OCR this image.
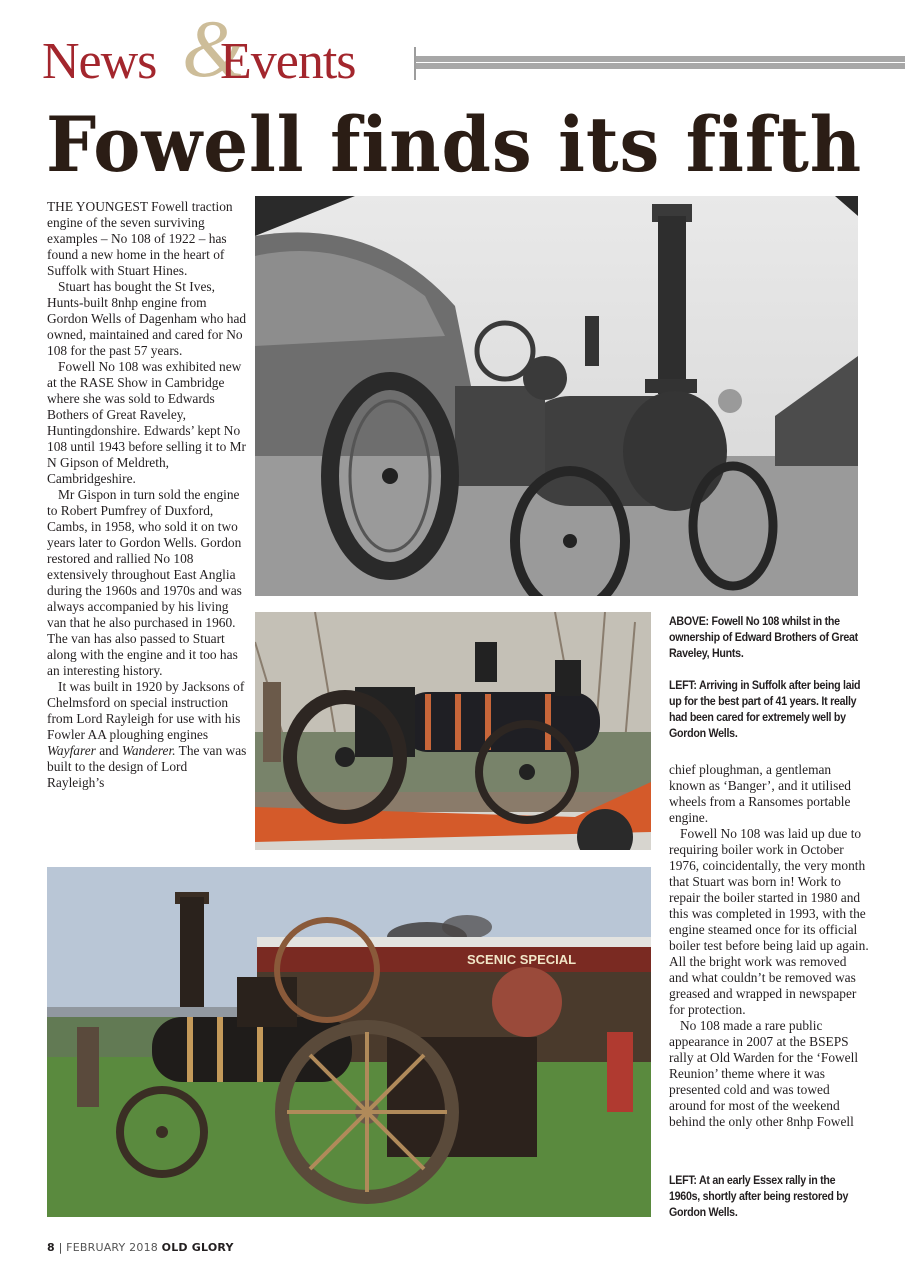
News &
Events
Fowell finds its fifth

THE YOUNGEST Fowell traction engine of the seven surviving examples – No 108 of 1922 – has found a new home in the heart of Suffolk with Stuart Hines.

Stuart has bought the St Ives, Hunts-built 8nhp engine from Gordon Wells of Dagenham who had owned, maintained and cared for No 108 for the past 57 years.

Fowell No 108 was exhibited new at the RASE Show in Cambridge where she was sold to Edwards Bothers of Great Raveley, Huntingdonshire. Edwards’ kept No 108 until 1943 before selling it to Mr N Gipson of Meldreth, Cambridgeshire.

Mr Gispon in turn sold the engine to Robert Pumfrey of Duxford, Cambs, in 1958, who sold it on two years later to Gordon Wells. Gordon restored and rallied No 108 extensively throughout East Anglia during the 1960s and 1970s and was always accompanied by his living van that he also purchased in 1960. The van has also passed to Stuart along with the engine and it too has an interesting history.

It was built in 1920 by Jacksons of Chelmsford on special instruction from Lord Rayleigh for use with his Fowler AA ploughing engines Wayfarer and Wanderer. The van was built to the design of Lord Rayleigh’s

ABOVE: Fowell No 108 whilst in the ownership of Edward Brothers of Great Raveley, Hunts.
LEFT: Arriving in Suffolk after being laid up for the best part of 41 years. It really had been cared for extremely well by Gordon Wells.

chief ploughman, a gentleman known as ‘Banger’, and it utilised wheels from a Ransomes portable engine.

Fowell No 108 was laid up due to requiring boiler work in October 1976, coincidentally, the very month that Stuart was born in! Work to repair the boiler started in 1980 and this was completed in 1993, with the engine steamed once for its official boiler test before being laid up again. All the bright work was removed and what couldn’t be removed was greased and wrapped in newspaper for protection.

No 108 made a rare public appearance in 2007 at the BSEPS rally at Old Warden for the ‘Fowell Reunion’ theme where it was presented cold and was towed around for most of the weekend behind the only other 8nhp Fowell

SCENIC SPECIAL
LEFT: At an early Essex rally in the 1960s, shortly after being restored by Gordon Wells.
8 | FEBRUARY 2018 OLD GLORY
